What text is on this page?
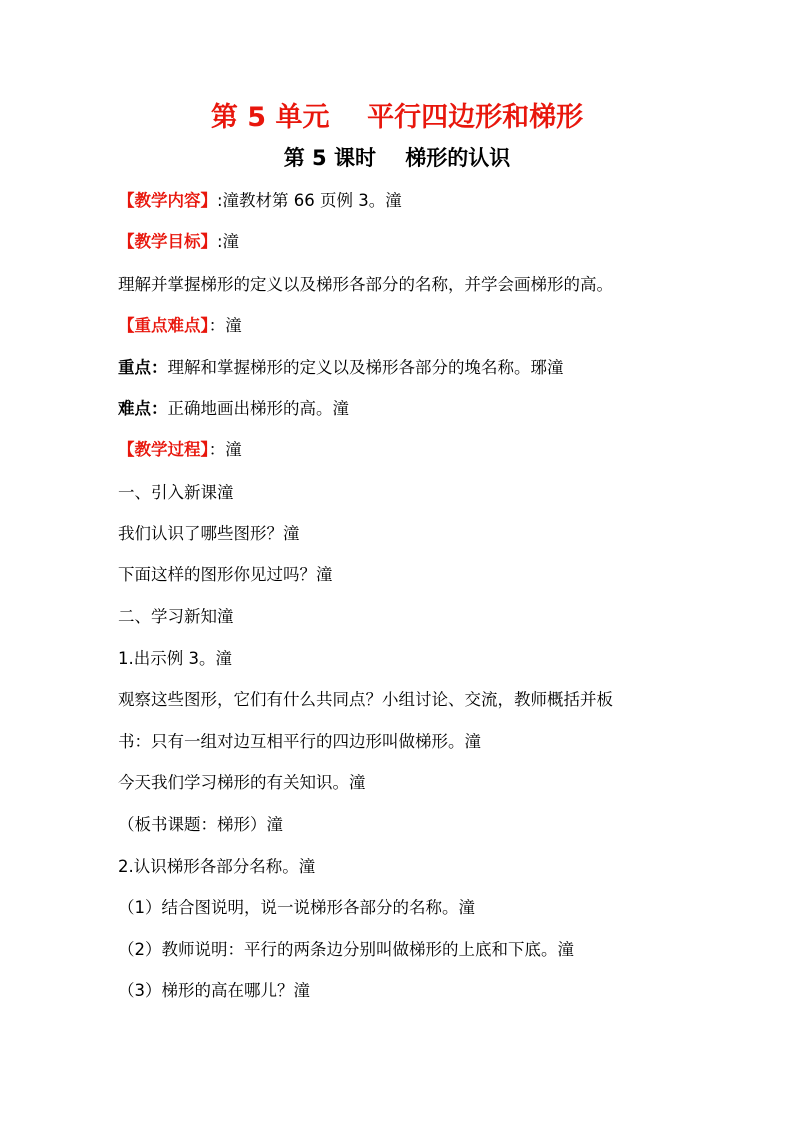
第 5 单元    平行四边形和梯形
第 5 课时    梯形的认识
【教学内容】:潼教材第 66 页例 3。潼
【教学目标】:潼
理解并掌握梯形的定义以及梯形各部分的名称，并学会画梯形的高。
【重点难点】：潼
重点：理解和掌握梯形的定义以及梯形各部分的堍名称。琊潼
难点：正确地画出梯形的高。潼
【教学过程】：潼
一、引入新课潼
我们认识了哪些图形？潼
下面这样的图形你见过吗？潼
二、学习新知潼
1.出示例 3。潼
观察这些图形，它们有什么共同点？小组讨论、交流，教师概括并板
书：只有一组对边互相平行的四边形叫做梯形。潼
今天我们学习梯形的有关知识。潼
（板书课题：梯形）潼
2.认识梯形各部分名称。潼
（1）结合图说明，说一说梯形各部分的名称。潼
（2）教师说明：平行的两条边分别叫做梯形的上底和下底。潼
（3）梯形的高在哪儿？潼
